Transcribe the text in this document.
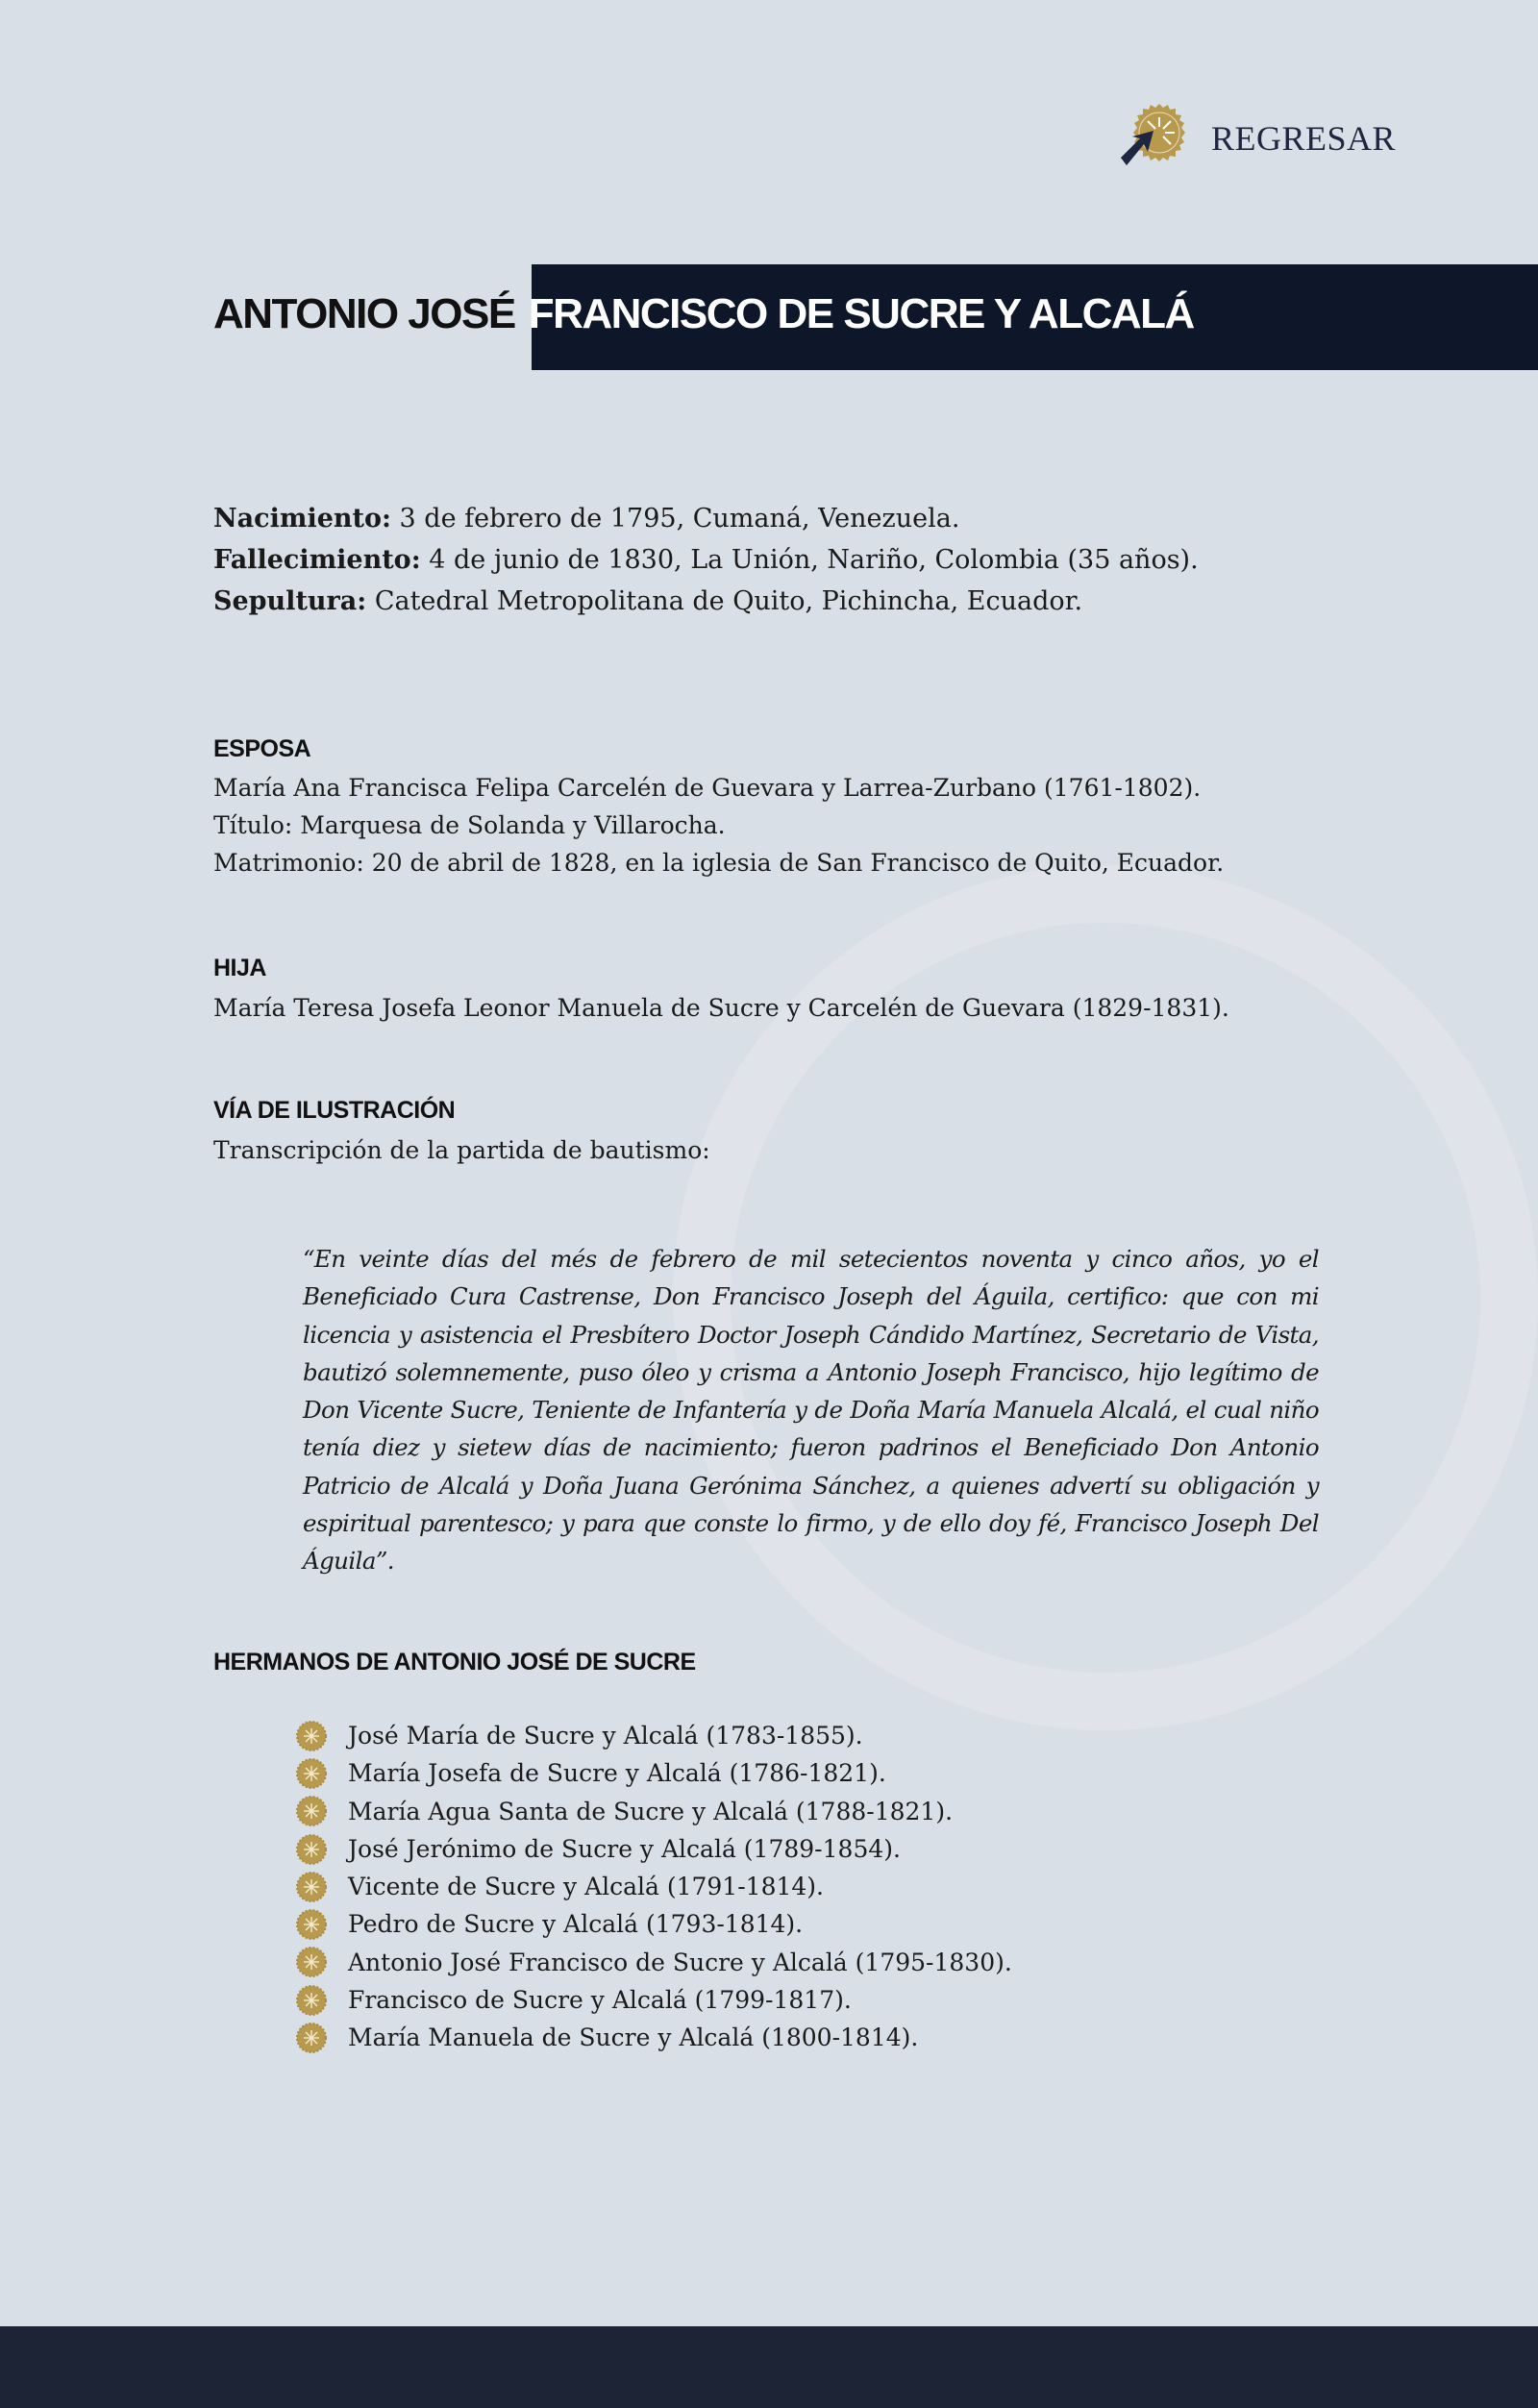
REGRESAR
ANTONIO JOSÉ FRANCISCO DE SUCRE Y ALCALÁ
Nacimiento: 3 de febrero de 1795, Cumaná, Venezuela.
Fallecimiento: 4 de junio de 1830, La Unión, Nariño, Colombia (35 años).
Sepultura: Catedral Metropolitana de Quito, Pichincha, Ecuador.
ESPOSA
María Ana Francisca Felipa Carcelén de Guevara y Larrea-Zurbano (1761-1802).
Título: Marquesa de Solanda y Villarocha.
Matrimonio: 20 de abril de 1828, en la iglesia de San Francisco de Quito, Ecuador.
HIJA
María Teresa Josefa Leonor Manuela de Sucre y Carcelén de Guevara (1829-1831).
VÍA DE ILUSTRACIÓN
Transcripción de la partida de bautismo:
“En veinte días del més de febrero de mil setecientos noventa y cinco años, yo el Beneficiado Cura Castrense, Don Francisco Joseph del Águila, certifico: que con mi licencia y asistencia el Presbítero Doctor Joseph Cándido Martínez, Secretario de Vista, bautizó solemnemente, puso óleo y crisma a Antonio Joseph Francisco, hijo legítimo de Don Vicente Sucre, Teniente de Infantería y de Doña María Manuela Alcalá, el cual niño tenía diez y sietew días de nacimiento; fueron padrinos el Beneficiado Don Antonio Patricio de Alcalá y Doña Juana Gerónima Sánchez, a quienes advertí su obligación y espiritual parentesco; y para que conste lo firmo, y de ello doy fé, Francisco Joseph Del Águila”.
HERMANOS DE ANTONIO JOSÉ DE SUCRE
José María de Sucre y Alcalá (1783-1855).
María Josefa de Sucre y Alcalá (1786-1821).
María Agua Santa de Sucre y Alcalá (1788-1821).
José Jerónimo de Sucre y Alcalá (1789-1854).
Vicente de Sucre y Alcalá (1791-1814).
Pedro de Sucre y Alcalá (1793-1814).
Antonio José Francisco de Sucre y Alcalá (1795-1830).
Francisco de Sucre y Alcalá (1799-1817).
María Manuela de Sucre y Alcalá (1800-1814).
